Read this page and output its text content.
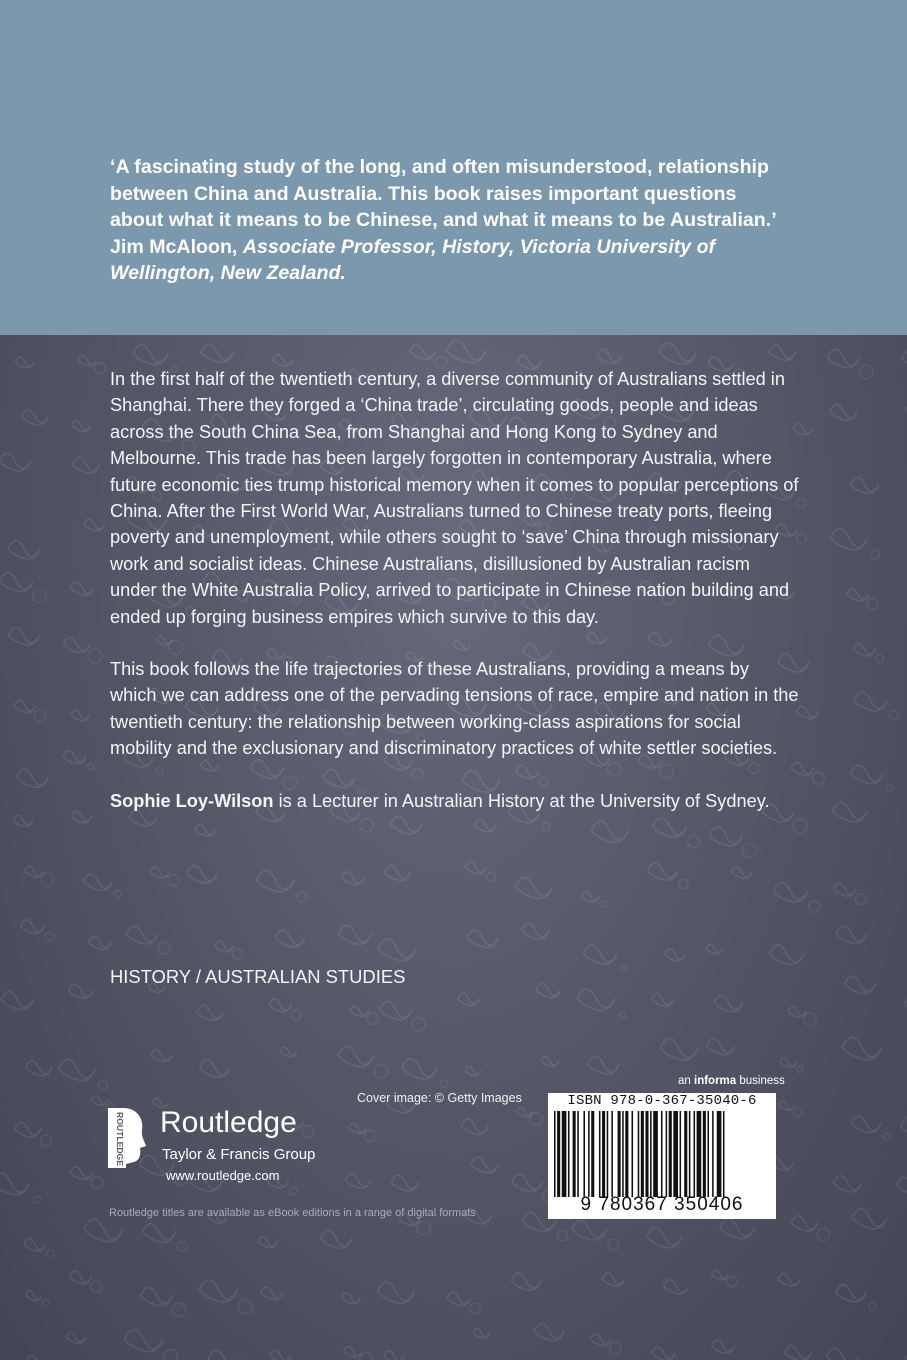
‘A fascinating study of the long, and often misunderstood, relationship between China and Australia. This book raises important questions about what it means to be Chinese, and what it means to be Australian.’

Jim McAloon, Associate Professor, History, Victoria University of Wellington, New Zealand.

In the first half of the twentieth century, a diverse community of Australians settled in Shanghai. There they forged a ‘China trade’, circulating goods, people and ideas across the South China Sea, from Shanghai and Hong Kong to Sydney and Melbourne. This trade has been largely forgotten in contemporary Australia, where future economic ties trump historical memory when it comes to popular perceptions of China. After the First World War, Australians turned to Chinese treaty ports, fleeing poverty and unemployment, while others sought to ‘save’ China through missionary work and socialist ideas. Chinese Australians, disillusioned by Australian racism under the White Australia Policy, arrived to participate in Chinese nation building and ended up forging business empires which survive to this day.

This book follows the life trajectories of these Australians, providing a means by which we can address one of the pervading tensions of race, empire and nation in the twentieth century: the relationship between working-class aspirations for social mobility and the exclusionary and discriminatory practices of white settler societies.

Sophie Loy-Wilson is a Lecturer in Australian History at the University of Sydney.

HISTORY / AUSTRALIAN STUDIES
ROUTLEDGE Routledge
Taylor & Francis Group
www.routledge.com
Cover image: © Getty Images
Routledge titles are available as eBook editions in a range of digital formats
an informa business
ISBN 978-0-367-35040-6
9 780367 350406
